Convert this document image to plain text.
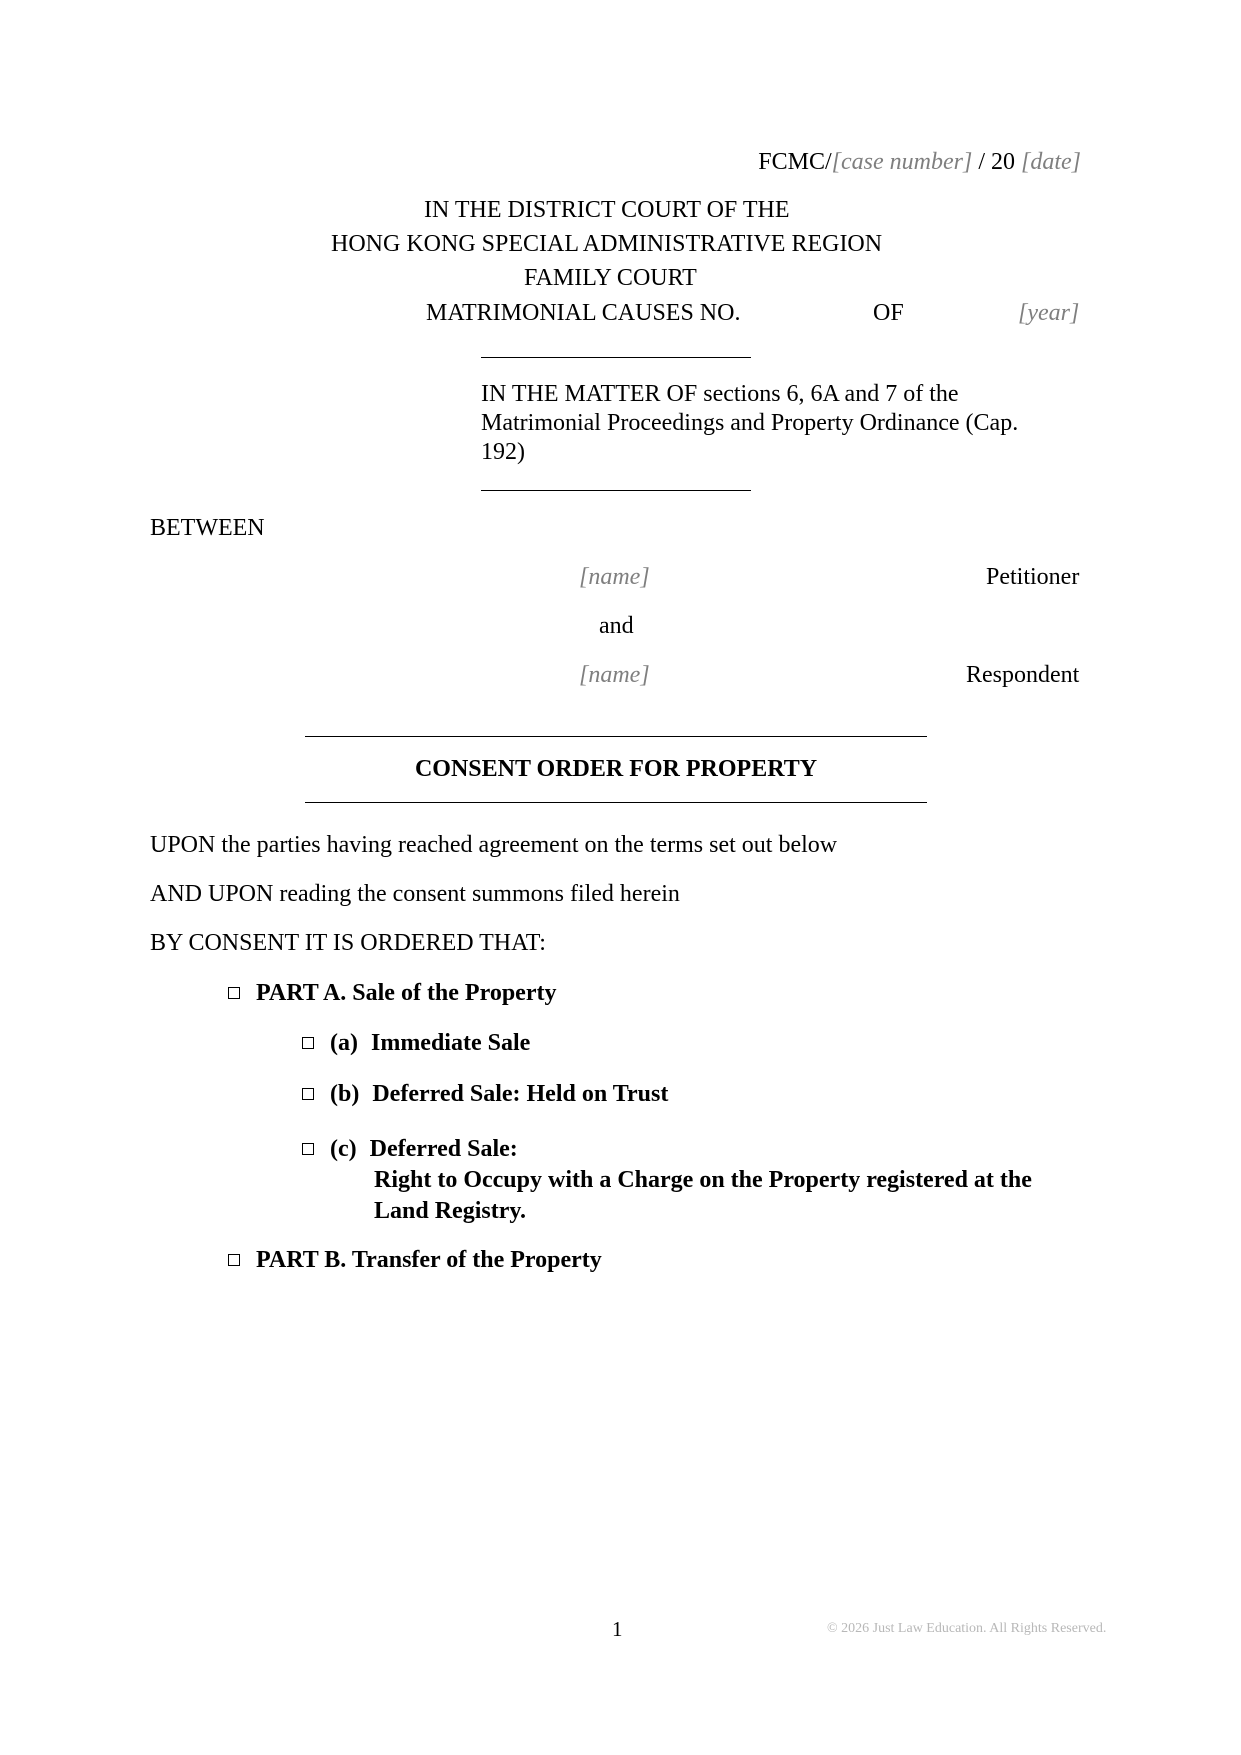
FCMC/[case number] / 20 [date]
IN THE DISTRICT COURT OF THE
HONG KONG SPECIAL ADMINISTRATIVE REGION
FAMILY COURT
MATRIMONIAL CAUSES NO.	OF	[year]
IN THE MATTER OF sections 6, 6A and 7 of the Matrimonial Proceedings and Property Ordinance (Cap. 192)
BETWEEN
[name]	Petitioner
and
[name]	Respondent
CONSENT ORDER FOR PROPERTY
UPON the parties having reached agreement on the terms set out below
AND UPON reading the consent summons filed herein
BY CONSENT IT IS ORDERED THAT:
PART A. Sale of the Property
(a) Immediate Sale
(b) Deferred Sale: Held on Trust
(c) Deferred Sale:
Right to Occupy with a Charge on the Property registered at the
Land Registry.
PART B. Transfer of the Property
1	© 2026 Just Law Education. All Rights Reserved.
